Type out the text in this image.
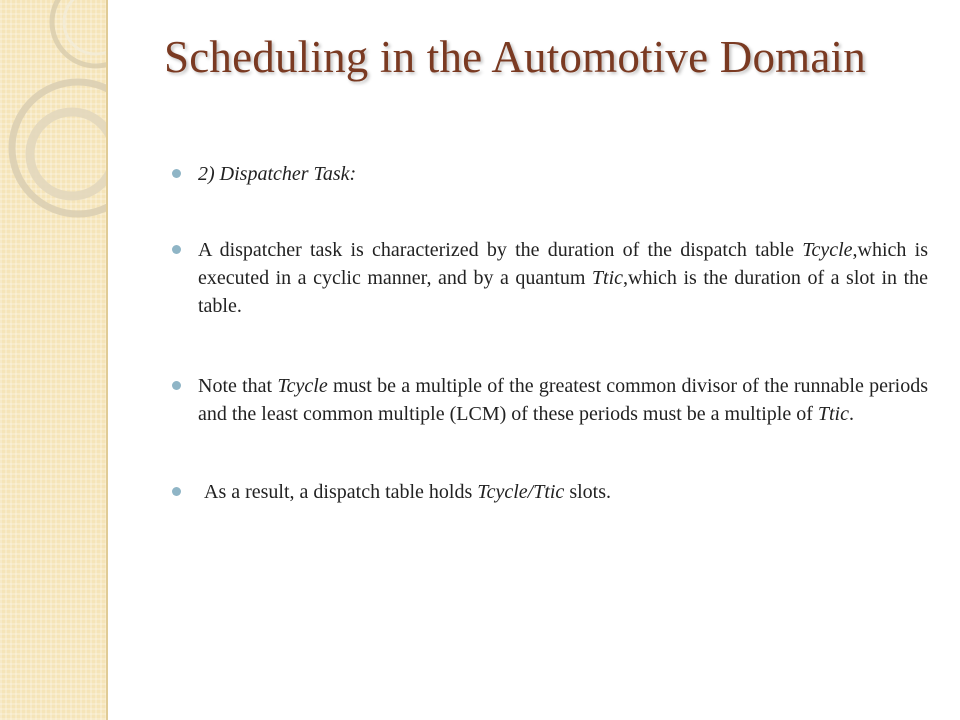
Scheduling in the Automotive Domain
2) Dispatcher Task:
A dispatcher task is characterized by the duration of the dispatch table Tcycle,which is executed in a cyclic manner, and by a quantum Ttic,which is the duration of a slot in the table.
Note that Tcycle must be a multiple of the greatest common divisor of the runnable periods and the least common multiple (LCM) of these periods must be a multiple of Ttic.
As a result, a dispatch table holds Tcycle/Ttic slots.
